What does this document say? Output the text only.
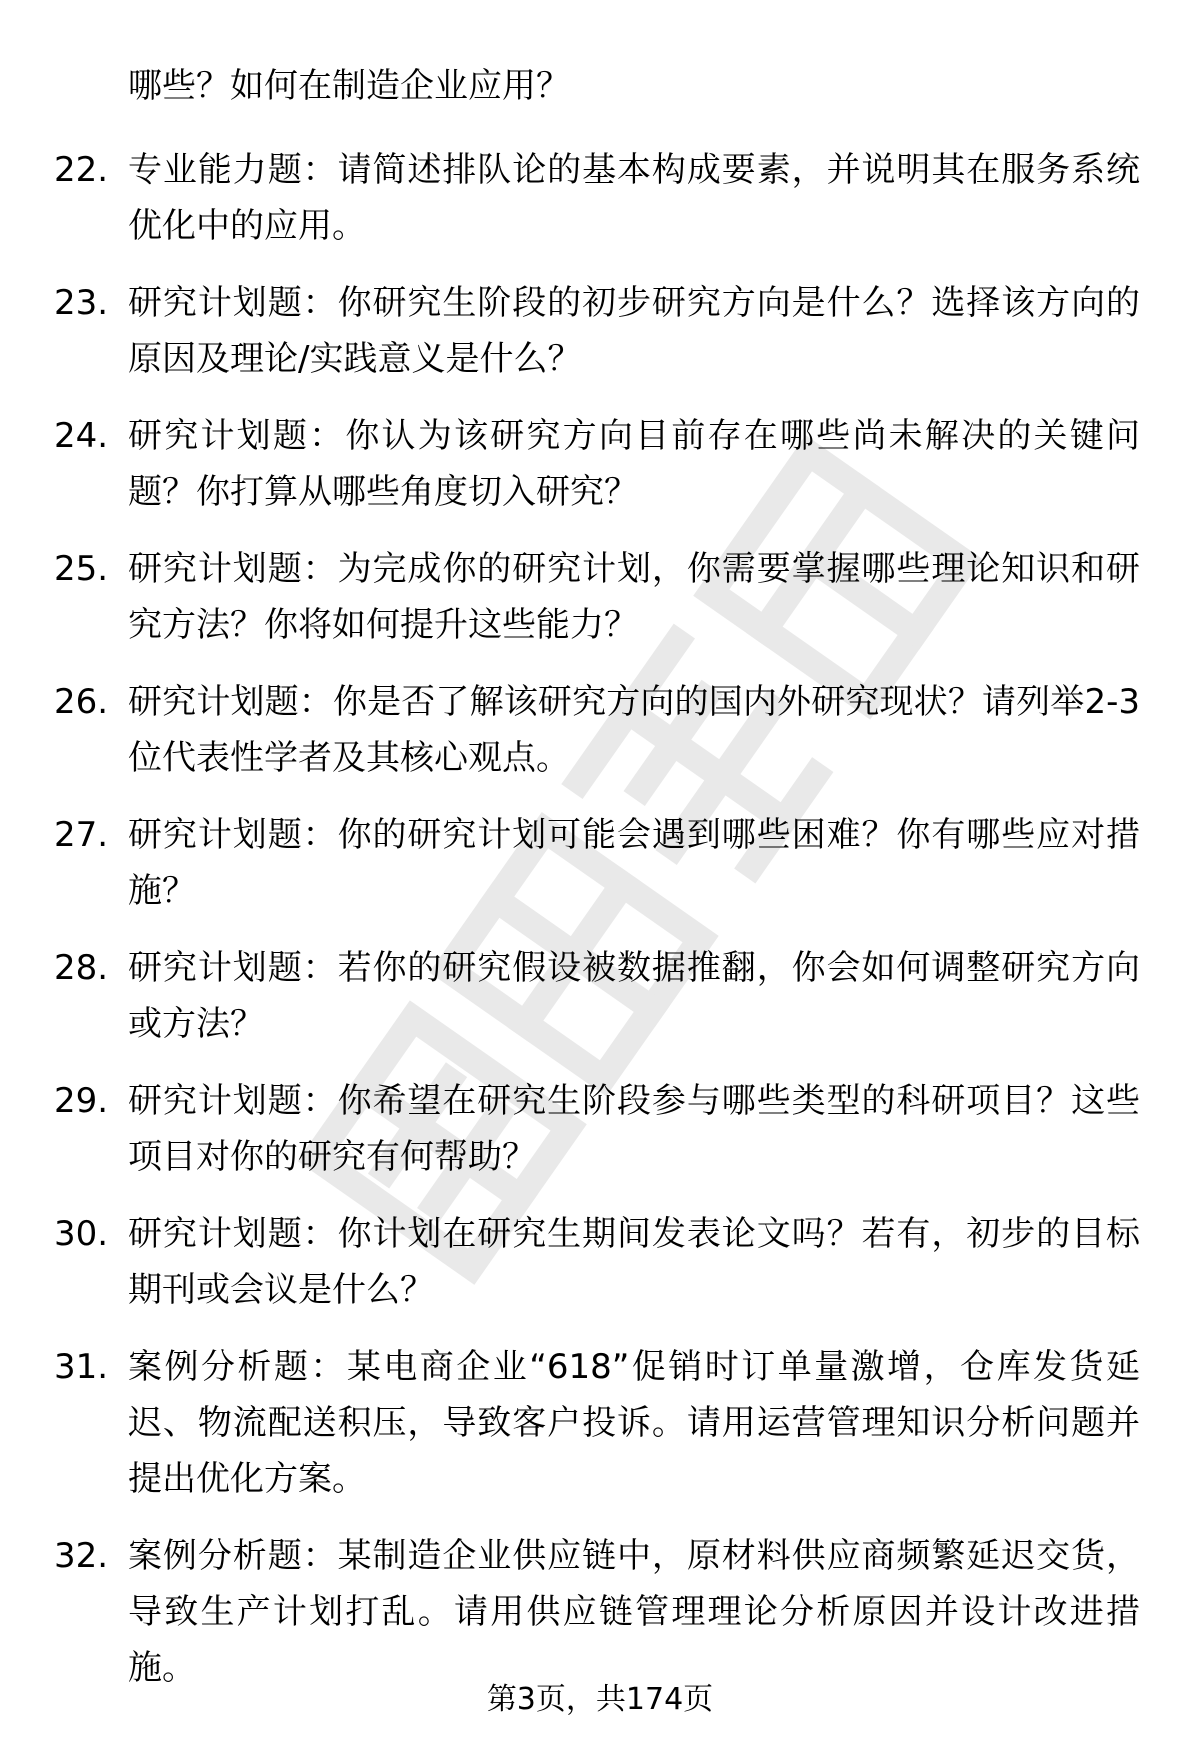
哪些？如何在制造企业应用？

22. 专业能力题：请简述排队论的基本构成要素，并说明其在服务系统优化中的应用。
23. 研究计划题：你研究生阶段的初步研究方向是什么？选择该方向的原因及理论/实践意义是什么？
24. 研究计划题：你认为该研究方向目前存在哪些尚未解决的关键问题？你打算从哪些角度切入研究？
25. 研究计划题：为完成你的研究计划，你需要掌握哪些理论知识和研究方法？你将如何提升这些能力？
26. 研究计划题：你是否了解该研究方向的国内外研究现状？请列举2-3位代表性学者及其核心观点。
27. 研究计划题：你的研究计划可能会遇到哪些困难？你有哪些应对措施？
28. 研究计划题：若你的研究假设被数据推翻，你会如何调整研究方向或方法？
29. 研究计划题：你希望在研究生阶段参与哪些类型的科研项目？这些项目对你的研究有何帮助？
30. 研究计划题：你计划在研究生期间发表论文吗？若有，初步的目标期刊或会议是什么？
31. 案例分析题：某电商企业“618”促销时订单量激增，仓库发货延迟、物流配送积压，导致客户投诉。请用运营管理知识分析问题并提出优化方案。
32. 案例分析题：某制造企业供应链中，原材料供应商频繁延迟交货，导致生产计划打乱。请用供应链管理理论分析原因并设计改进措施。
第3页，共174页
